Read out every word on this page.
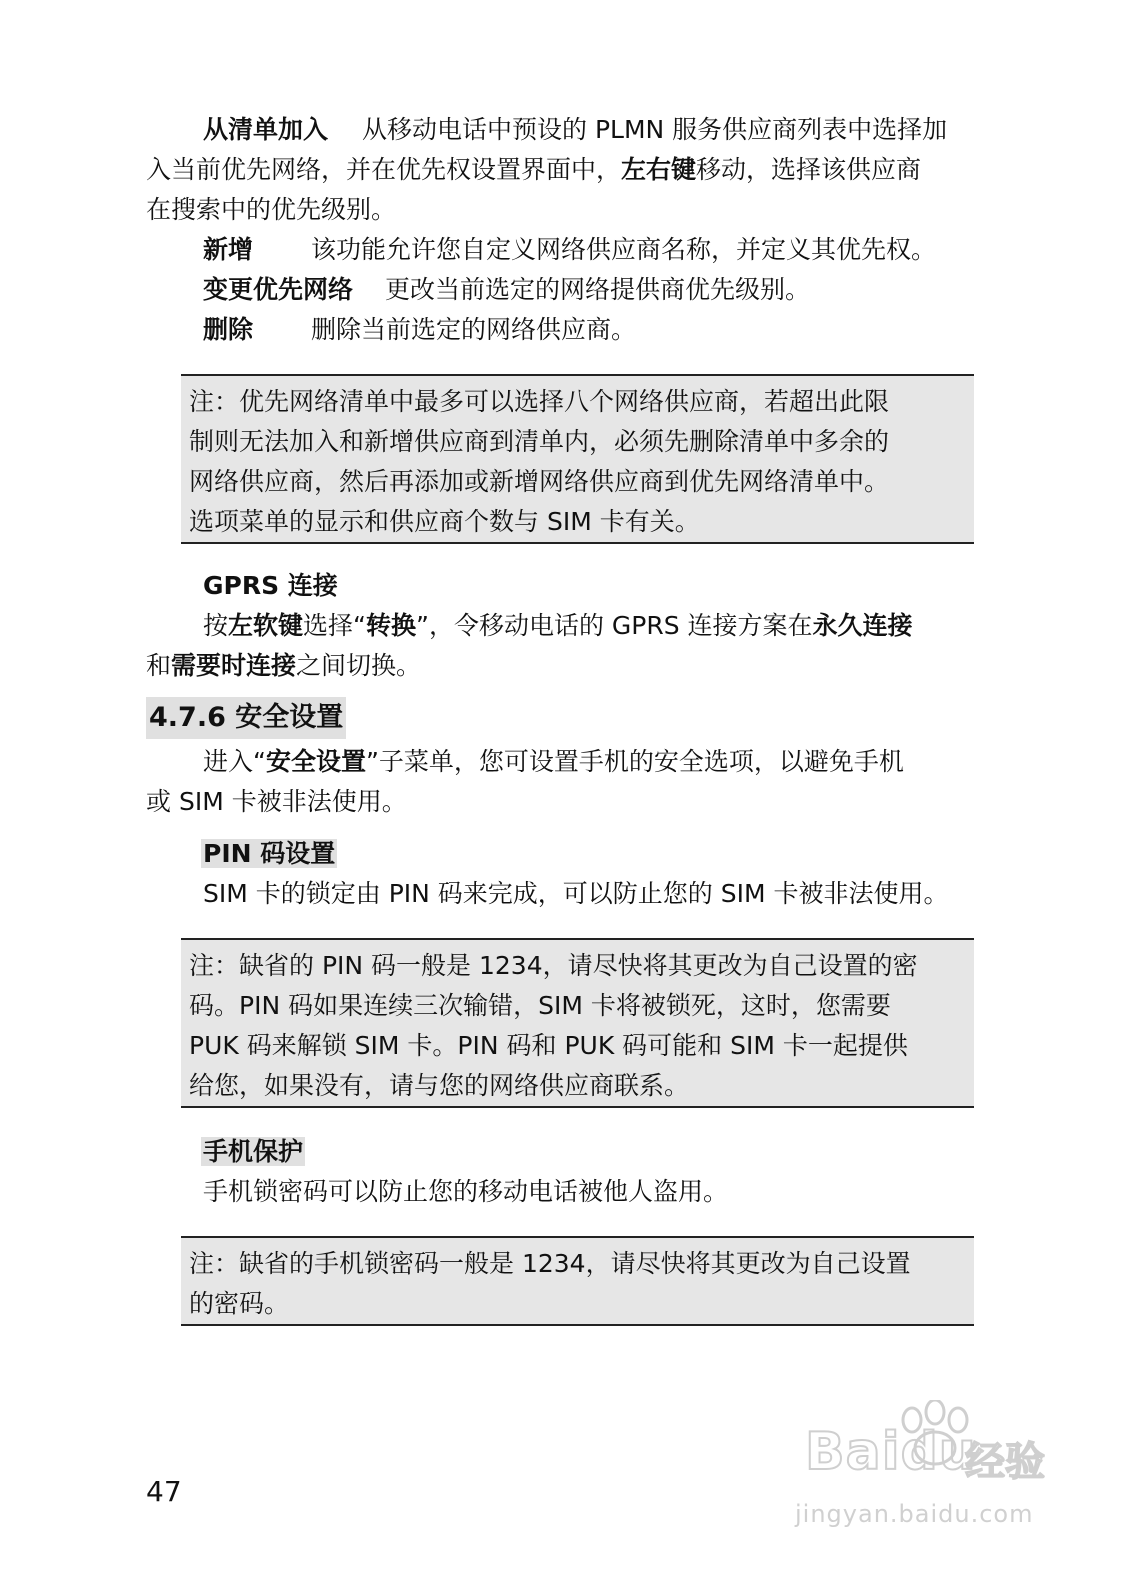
从清单加入 从移动电话中预设的 PLMN 服务供应商列表中选择加
入当前优先网络，并在优先权设置界面中，左右键移动，选择该供应商
在搜索中的优先级别。
新增 该功能允许您自定义网络供应商名称，并定义其优先权。
变更优先网络 更改当前选定的网络提供商优先级别。
删除 删除当前选定的网络供应商。
注：优先网络清单中最多可以选择八个网络供应商，若超出此限
制则无法加入和新增供应商到清单内，必须先删除清单中多余的
网络供应商，然后再添加或新增网络供应商到优先网络清单中。
选项菜单的显示和供应商个数与 SIM 卡有关。
GPRS 连接
按左软键选择“转换”，令移动电话的 GPRS 连接方案在永久连接
和需要时连接之间切换。
4.7.6 安全设置
进入“安全设置”子菜单，您可设置手机的安全选项，以避免手机
或 SIM 卡被非法使用。
PIN 码设置
SIM 卡的锁定由 PIN 码来完成，可以防止您的 SIM 卡被非法使用。
注：缺省的 PIN 码一般是 1234，请尽快将其更改为自己设置的密
码。PIN 码如果连续三次输错，SIM 卡将被锁死，这时，您需要
PUK 码来解锁 SIM 卡。PIN 码和 PUK 码可能和 SIM 卡一起提供
给您，如果没有，请与您的网络供应商联系。
手机保护
手机锁密码可以防止您的移动电话被他人盗用。
注：缺省的手机锁密码一般是 1234，请尽快将其更改为自己设置
的密码。
47
Baidu
经验
jingyan.baidu.com
